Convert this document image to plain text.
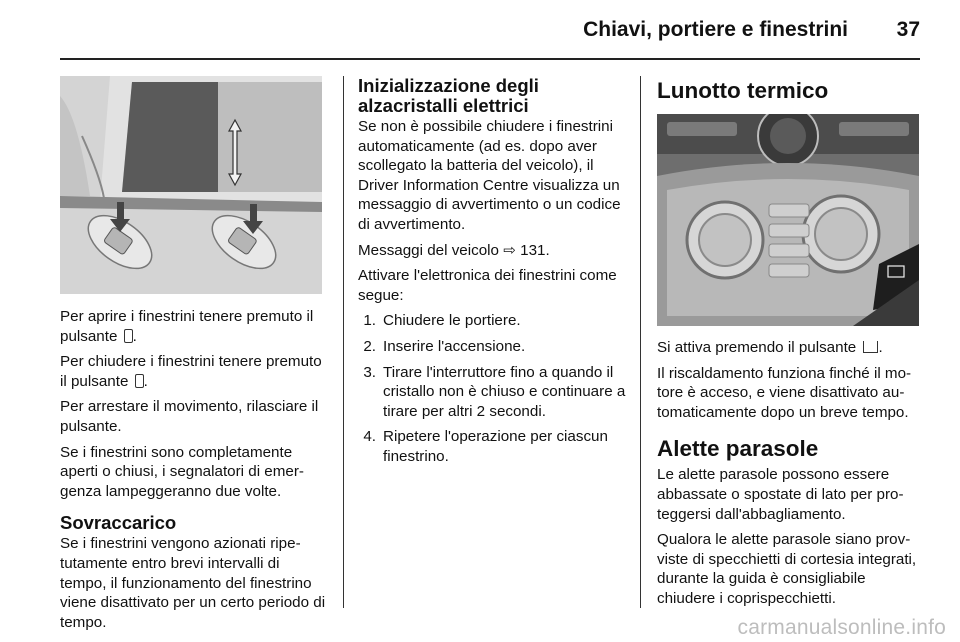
Chiavi, portiere e finestrini 37

Per aprire i finestrini tenere premuto il pulsante .

Per chiudere i finestrini tenere premuto il pulsante .

Per arrestare il movimento, rilasciare il pulsante.

Se i finestrini sono completamente aperti o chiusi, i segnalatori di emergenza lampeggeranno due volte.

Sovraccarico

Se i finestrini vengono azionati ripetutamente entro brevi intervalli di tempo, il funzionamento del finestrino viene disattivato per un certo periodo di tempo.

Inizializzazione degli alzacristalli elettrici

Se non è possibile chiudere i finestrini automaticamente (ad es. dopo aver scollegato la batteria del veicolo), il Driver Information Centre visualizza un messaggio di avvertimento o un codice di avvertimento.

Messaggi del veicolo ⇨ 131.

Attivare l'elettronica dei finestrini come segue:

1. Chiudere le portiere.
2. Inserire l'accensione.
3. Tirare l'interruttore fino a quando il cristallo non è chiuso e continuare a tirare per altri 2 secondi.
4. Ripetere l'operazione per ciascun finestrino.
Lunotto termico

Si attiva premendo il pulsante .

Il riscaldamento funziona finché il motore è acceso, e viene disattivato automaticamente dopo un breve tempo.

Alette parasole

Le alette parasole possono essere abbassate o spostate di lato per proteggersi dall'abbagliamento.

Qualora le alette parasole siano provviste di specchietti di cortesia integrati, durante la guida è consigliabile chiudere i coprispecchietti.

carmanualsonline.info
